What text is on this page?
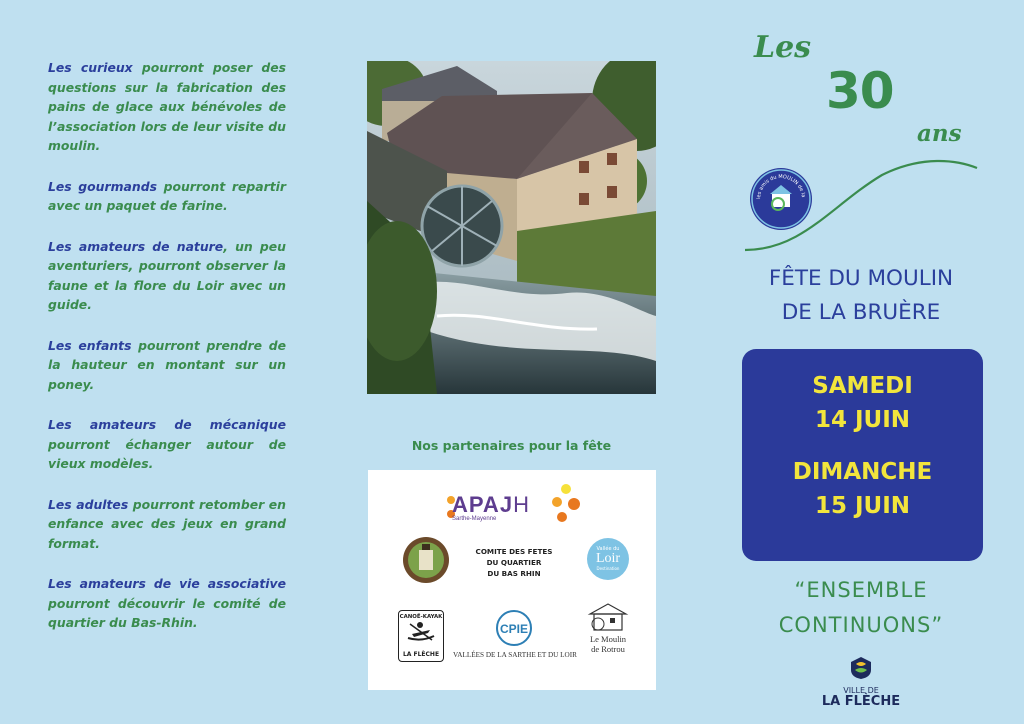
Les curieux pourront poser des questions sur la fabrication des pains de glace aux bénévoles de l’association lors de leur visite du moulin.

Les gourmands pourront repartir avec un paquet de farine.

Les amateurs de nature, un peu aventuriers, pourront observer la faune et la flore du Loir avec un guide.

Les enfants pourront prendre de la hauteur en montant sur un poney.

Les amateurs de mécanique pourront échanger autour de vieux modèles.

Les adultes pourront retomber en enfance avec des jeux en grand format.

Les amateurs de vie associative pourront découvrir le comité de quartier du Bas-Rhin.

Nos partenaires pour la fête
APAJH
Sarthe-Mayenne
COMITE DES FETES
DU QUARTIER
DU BAS RHIN
Vallée du
Loir
Destination
CANOË-KAYAK
LA FLÈCHE
CPIE
VALLÉES DE LA SARTHE ET DU LOIR
Le Moulin
de Rotrou
Les
30
ans
les amis du MOULIN de la
FÊTE DU MOULIN
DE LA BRUÈRE
SAMEDI
14 JUIN
DIMANCHE
15 JUIN
“ENSEMBLE
CONTINUONS”
VILLE DE
LA FLÈCHE
